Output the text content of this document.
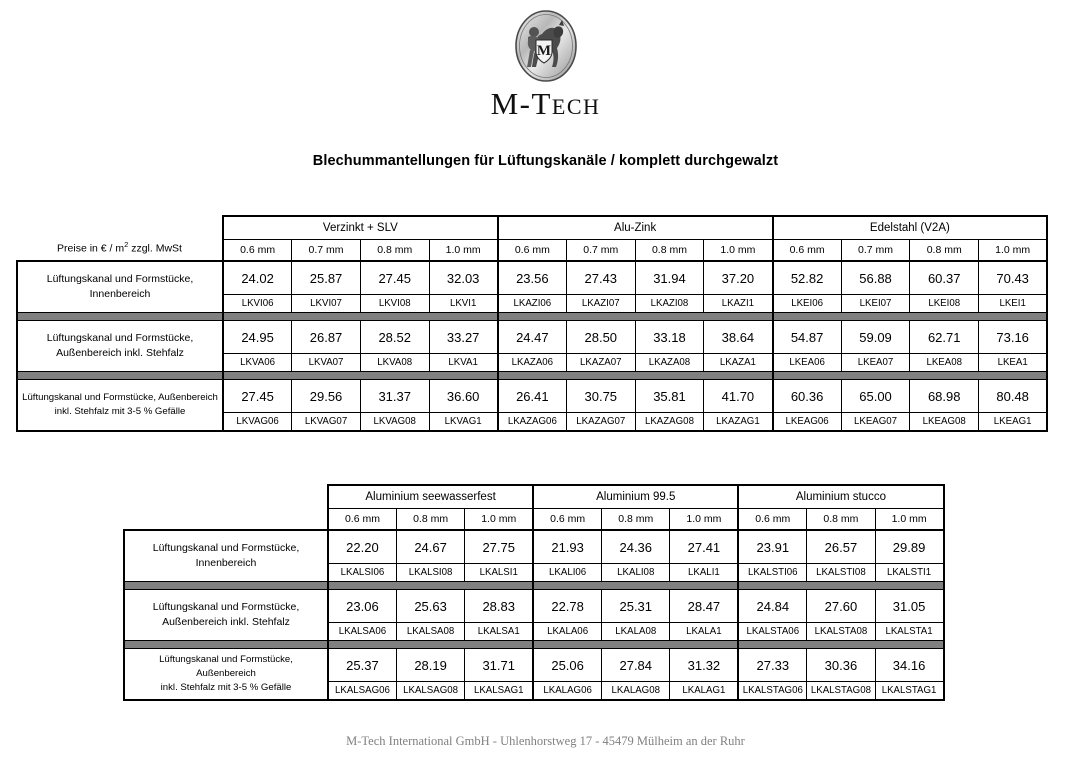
M
M-Tech
Blechummantellungen für Lüftungskanäle / komplett durchgewalzt
Preise in € / $m^2$ zzgl. MwSt	Verzinkt + SLV				Alu-Zink				Edelstahl (V2A)			
	0.6 mm	0.7 mm	0.8 mm	1.0 mm	0.6 mm	0.7 mm	0.8 mm	1.0 mm	0.6 mm	0.7 mm	0.8 mm	1.0 mm
Lüftungskanal und Formstücke, Innenbereich	24.02	25.87	27.45	32.03	23.56	27.43	31.94	37.20	52.82	56.88	60.37	70.43
	LKVI06	LKVI07	LKVI08	LKVI1	LKAZI06	LKAZI07	LKAZI08	LKAZI1	LKEI06	LKEI07	LKEI08	LKEI1

Lüftungskanal und Formstücke,
Außenbereich inkl. Stehfalz	24.95	26.87	28.52	33.27	24.47	28.50	33.18	38.64	54.87	59.09	62.71	73.16
	LKVA06	LKVA07	LKVA08	LKVA1	LKAZA06	LKAZA07	LKAZA08	LKAZA1	LKEA06	LKEA07	LKEA08	LKEA1

Lüftungskanal und Formstücke, Außenbereich
inkl. Stehfalz mit 3-5 % Gefälle	27.45	29.56	31.37	36.60	26.41	30.75	35.81	41.70	60.36	65.00	68.98	80.48
	LKVAG06	LKVAG07	LKVAG08	LKVAG1	LKAZAG06	LKAZAG07	LKAZAG08	LKAZAG1	LKEAG06	LKEAG07	LKEAG08	LKEAG1
	Aluminium seewasserfest			Aluminium 99.5			Aluminium stucco		
	0.6 mm	0.8 mm	1.0 mm	0.6 mm	0.8 mm	1.0 mm	0.6 mm	0.8 mm	1.0 mm
Lüftungskanal und Formstücke, Innenbereich	22.20	24.67	27.75	21.93	24.36	27.41	23.91	26.57	29.89
	LKALSI06	LKALSI08	LKALSI1	LKALI06	LKALI08	LKALI1	LKALSTI06	LKALSTI08	LKALSTI1

Lüftungskanal und Formstücke,
Außenbereich inkl. Stehfalz	23.06	25.63	28.83	22.78	25.31	28.47	24.84	27.60	31.05
	LKALSA06	LKALSA08	LKALSA1	LKALA06	LKALA08	LKALA1	LKALSTA06	LKALSTA08	LKALSTA1

Lüftungskanal und Formstücke, Außenbereich
inkl. Stehfalz mit 3-5 % Gefälle	25.37	28.19	31.71	25.06	27.84	31.32	27.33	30.36	34.16
	LKALSAG06	LKALSAG08	LKALSAG1	LKALAG06	LKALAG08	LKALAG1	LKALSTAG06	LKALSTAG08	LKALSTAG1
M-Tech International GmbH - Uhlenhorstweg 17 - 45479 Mülheim an der Ruhr
